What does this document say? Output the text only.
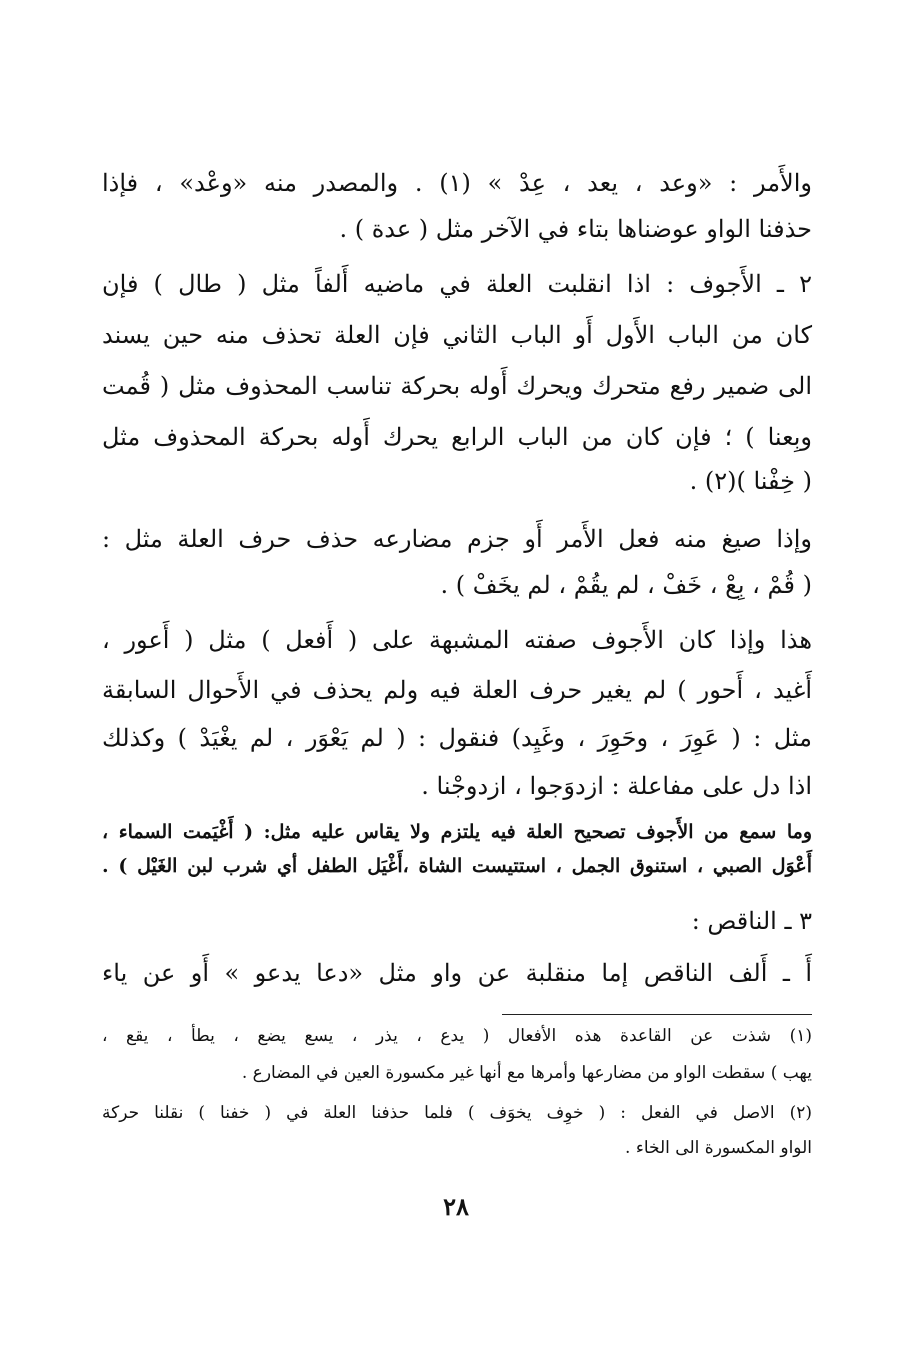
والأَمر : «وعد ، يعد ، عِدْ » (١) . والمصدر منه «وعْد» ، فإذا
حذفنا الواو عوضناها بتاء في الآخر مثل ( عدة ) .
٢ ـ الأَجوف : اذا انقلبت العلة في ماضيه أَلفاً مثل ( طال ) فإن
كان من الباب الأَول أَو الباب الثاني فإن العلة تحذف منه حين يسند
الى ضمير رفع متحرك ويحرك أَوله بحركة تناسب المحذوف مثل ( قُمت
وبِعنا ) ؛ فإن كان من الباب الرابع يحرك أَوله بحركة المحذوف مثل
( خِفْنا )(٢) .
وإذا صيغ منه فعل الأَمر أَو جزم مضارعه حذف حرف العلة مثل :
( قُمْ ، بِعْ ، خَفْ ، لم يقُمْ ، لم يخَفْ ) .
هذا وإذا كان الأَجوف صفته المشبهة على ( أَفعل ) مثل ( أَعور ،
أَغيد ، أَحور ) لم يغير حرف العلة فيه ولم يحذف في الأَحوال السابقة
مثل : ( عَوِرَ ، وحَوِرَ ، وغَيِد) فنقول : ( لم يَعْوَر ، لم يغْيَدْ ) وكذلك
اذا دل على مفاعلة : ازدوَجوا ، ازدوجْنا .
وما سمع من الأَجوف تصحيح العلة فيه يلتزم ولا يقاس عليه مثل: ( أَغْيَمت السماء ،
أَعْوَل الصبي ، استنوق الجمل ، استتيست الشاة ،أَغْيَل الطفل أي شرب لبن الغَيْل ) .
٣ ـ الناقص :
أَ ـ أَلف الناقص إما منقلبة عن واو مثل «دعا يدعو » أَو عن ياء
(١) شذت عن القاعدة هذه الأفعال ( يدع ، يذر ، يسع يضع ، يطأ ، يقع ،
يهب ) سقطت الواو من مضارعها وأمرها مع أنها غير مكسورة العين في المضارع .
(٢) الاصل في الفعل : ( خوِف يخوَف ) فلما حذفنا العلة في ( خفنا ) نقلنا حركة
الواو المكسورة الى الخاء .
٢٨
